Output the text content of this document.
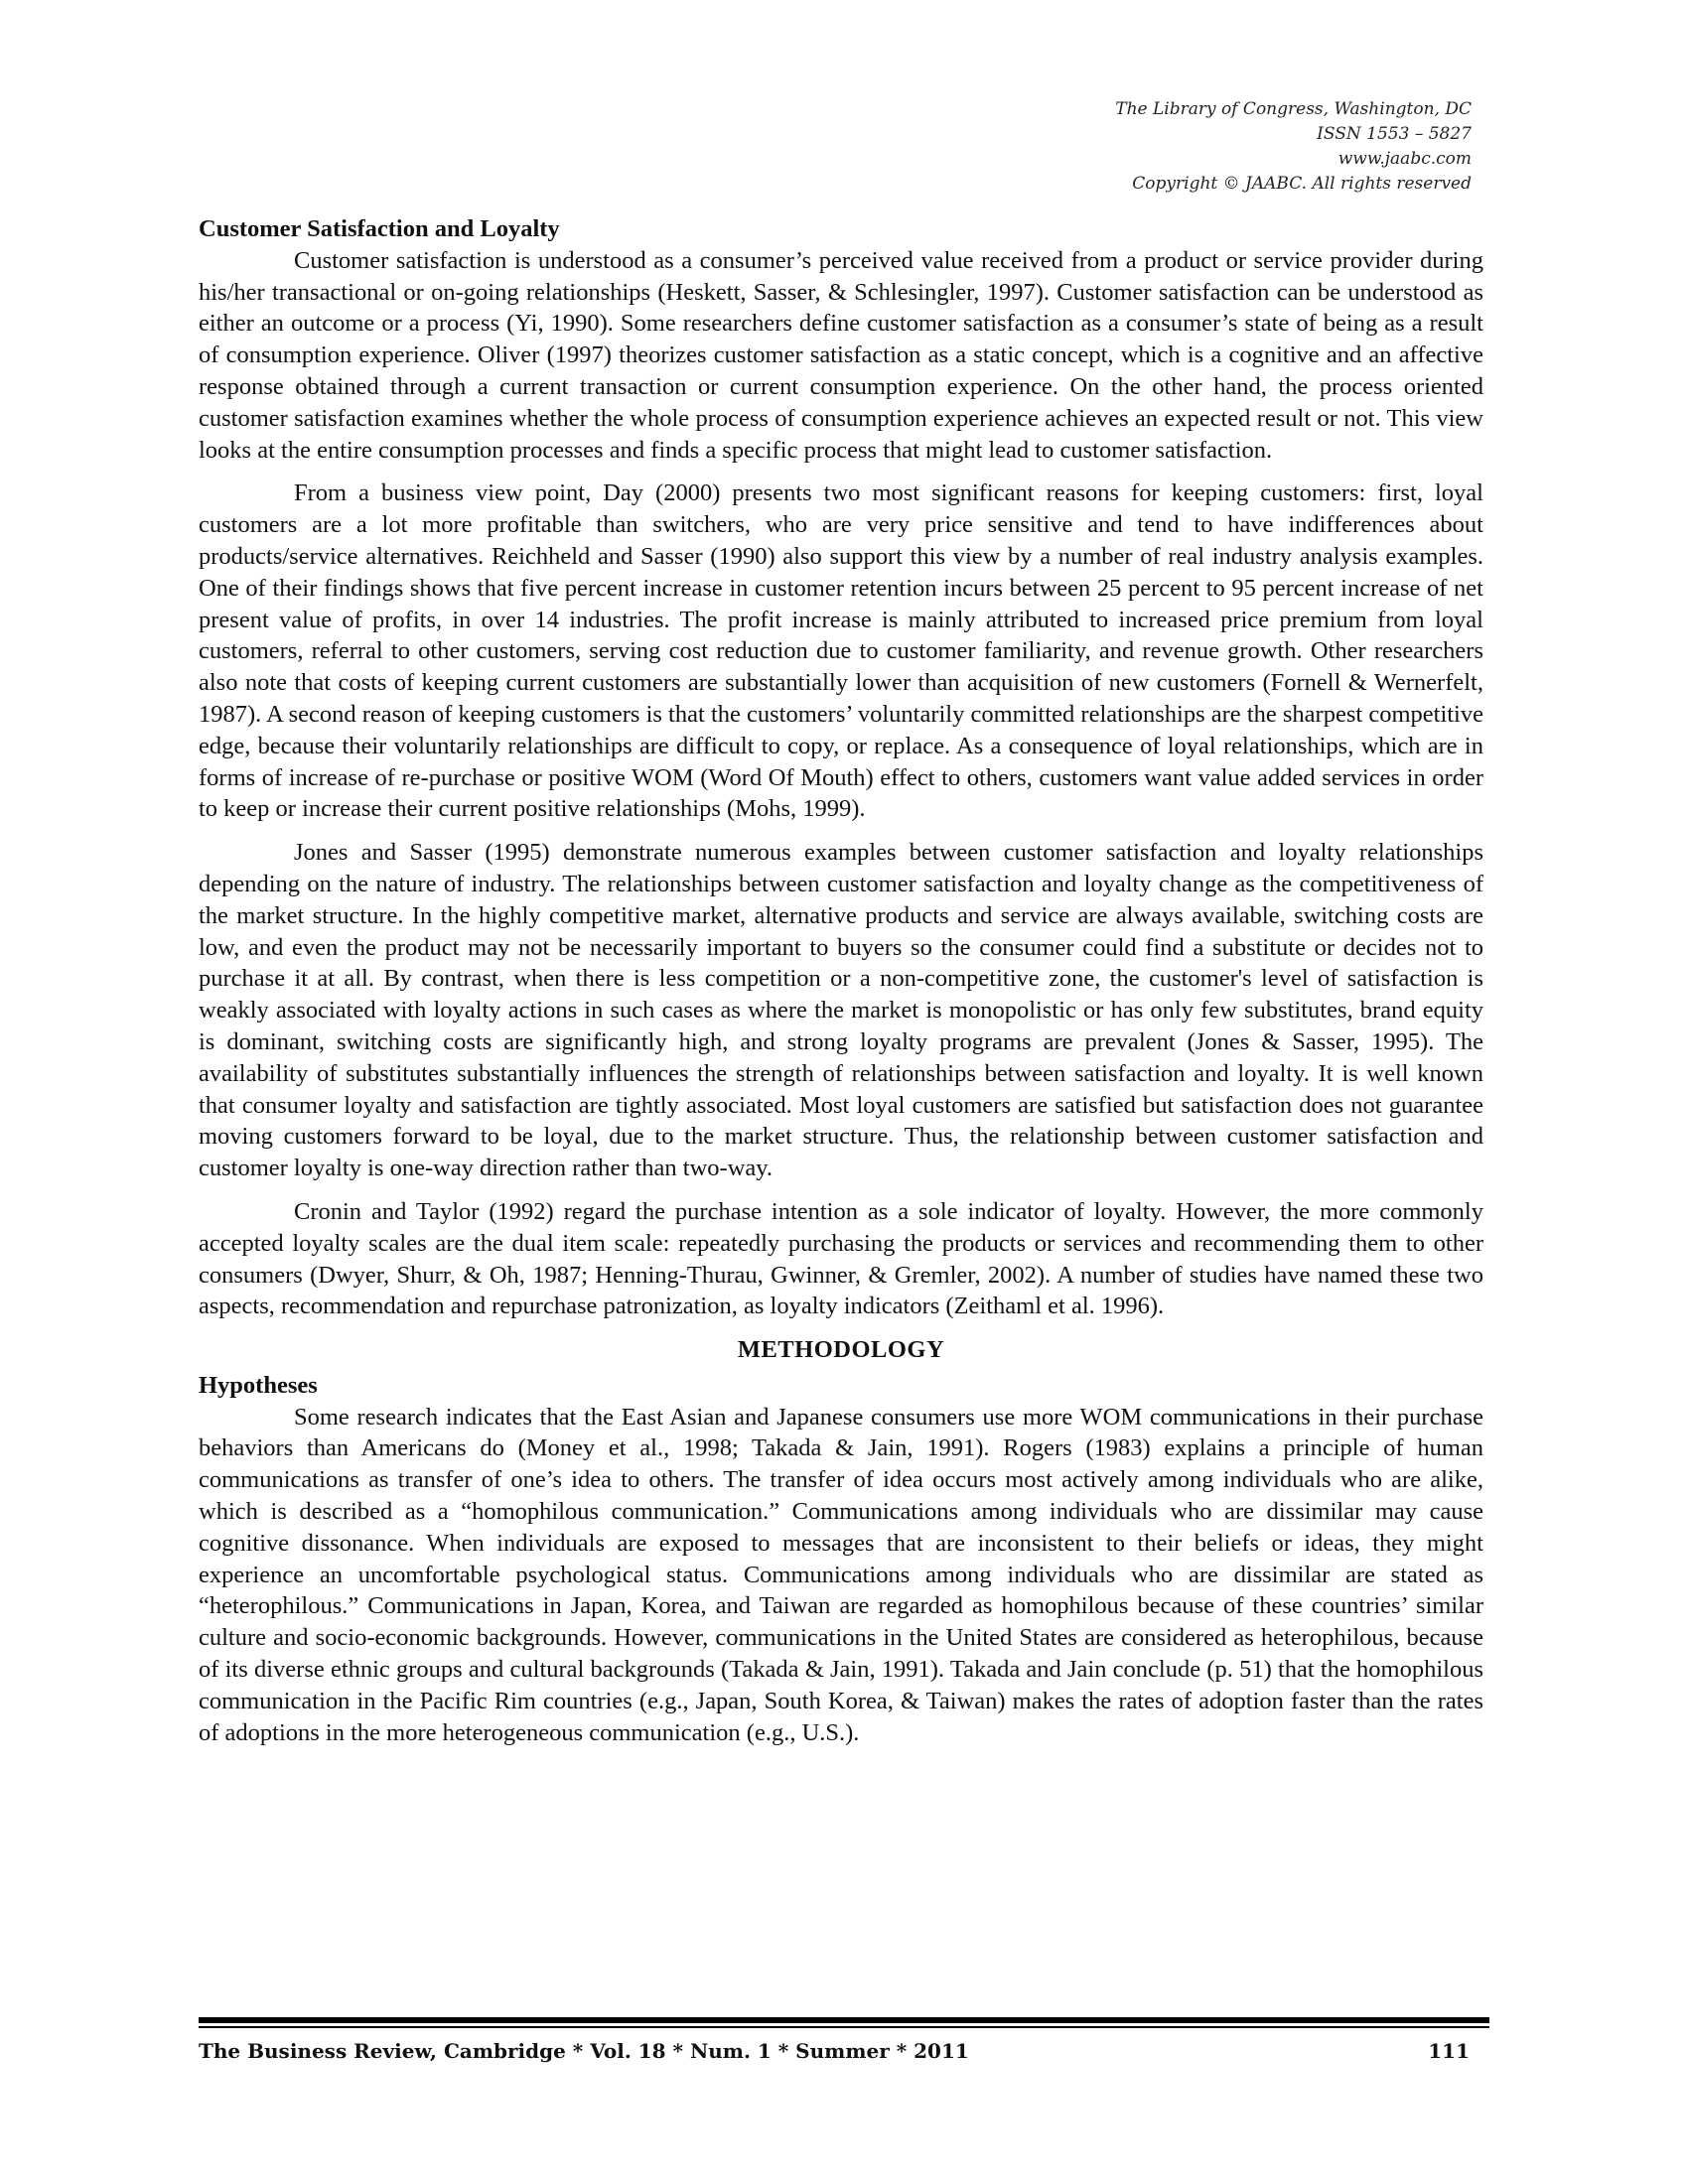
The Library of Congress, Washington, DC
ISSN 1553 – 5827
www.jaabc.com
Copyright © JAABC. All rights reserved
Customer Satisfaction and Loyalty

Customer satisfaction is understood as a consumer’s perceived value received from a product or service provider during his/her transactional or on-going relationships (Heskett, Sasser, & Schlesingler, 1997). Customer satisfaction can be understood as either an outcome or a process (Yi, 1990). Some researchers define customer satisfaction as a consumer’s state of being as a result of consumption experience. Oliver (1997) theorizes customer satisfaction as a static concept, which is a cognitive and an affective response obtained through a current transaction or current consumption experience. On the other hand, the process oriented customer satisfaction examines whether the whole process of consumption experience achieves an expected result or not. This view looks at the entire consumption processes and finds a specific process that might lead to customer satisfaction.

From a business view point, Day (2000) presents two most significant reasons for keeping customers: first, loyal customers are a lot more profitable than switchers, who are very price sensitive and tend to have indifferences about products/service alternatives. Reichheld and Sasser (1990) also support this view by a number of real industry analysis examples. One of their findings shows that five percent increase in customer retention incurs between 25 percent to 95 percent increase of net present value of profits, in over 14 industries. The profit increase is mainly attributed to increased price premium from loyal customers, referral to other customers, serving cost reduction due to customer familiarity, and revenue growth. Other researchers also note that costs of keeping current customers are substantially lower than acquisition of new customers (Fornell & Wernerfelt, 1987). A second reason of keeping customers is that the customers’ voluntarily committed relationships are the sharpest competitive edge, because their voluntarily relationships are difficult to copy, or replace. As a consequence of loyal relationships, which are in forms of increase of re-purchase or positive WOM (Word Of Mouth) effect to others, customers want value added services in order to keep or increase their current positive relationships (Mohs, 1999).

Jones and Sasser (1995) demonstrate numerous examples between customer satisfaction and loyalty relationships depending on the nature of industry. The relationships between customer satisfaction and loyalty change as the competitiveness of the market structure. In the highly competitive market, alternative products and service are always available, switching costs are low, and even the product may not be necessarily important to buyers so the consumer could find a substitute or decides not to purchase it at all. By contrast, when there is less competition or a non-competitive zone, the customer's level of satisfaction is weakly associated with loyalty actions in such cases as where the market is monopolistic or has only few substitutes, brand equity is dominant, switching costs are significantly high, and strong loyalty programs are prevalent (Jones & Sasser, 1995). The availability of substitutes substantially influences the strength of relationships between satisfaction and loyalty. It is well known that consumer loyalty and satisfaction are tightly associated. Most loyal customers are satisfied but satisfaction does not guarantee moving customers forward to be loyal, due to the market structure. Thus, the relationship between customer satisfaction and customer loyalty is one-way direction rather than two-way.

Cronin and Taylor (1992) regard the purchase intention as a sole indicator of loyalty. However, the more commonly accepted loyalty scales are the dual item scale: repeatedly purchasing the products or services and recommending them to other consumers (Dwyer, Shurr, & Oh, 1987; Henning-Thurau, Gwinner, & Gremler, 2002). A number of studies have named these two aspects, recommendation and repurchase patronization, as loyalty indicators (Zeithaml et al. 1996).

METHODOLOGY
Hypotheses

Some research indicates that the East Asian and Japanese consumers use more WOM communications in their purchase behaviors than Americans do (Money et al., 1998; Takada & Jain, 1991). Rogers (1983) explains a principle of human communications as transfer of one’s idea to others. The transfer of idea occurs most actively among individuals who are alike, which is described as a “homophilous communication.” Communications among individuals who are dissimilar may cause cognitive dissonance. When individuals are exposed to messages that are inconsistent to their beliefs or ideas, they might experience an uncomfortable psychological status. Communications among individuals who are dissimilar are stated as “heterophilous.” Communications in Japan, Korea, and Taiwan are regarded as homophilous because of these countries’ similar culture and socio-economic backgrounds. However, communications in the United States are considered as heterophilous, because of its diverse ethnic groups and cultural backgrounds (Takada & Jain, 1991). Takada and Jain conclude (p. 51) that the homophilous communication in the Pacific Rim countries (e.g., Japan, South Korea, & Taiwan) makes the rates of adoption faster than the rates of adoptions in the more heterogeneous communication (e.g., U.S.).

The Business Review, Cambridge * Vol. 18 * Num. 1 * Summer * 2011	111
